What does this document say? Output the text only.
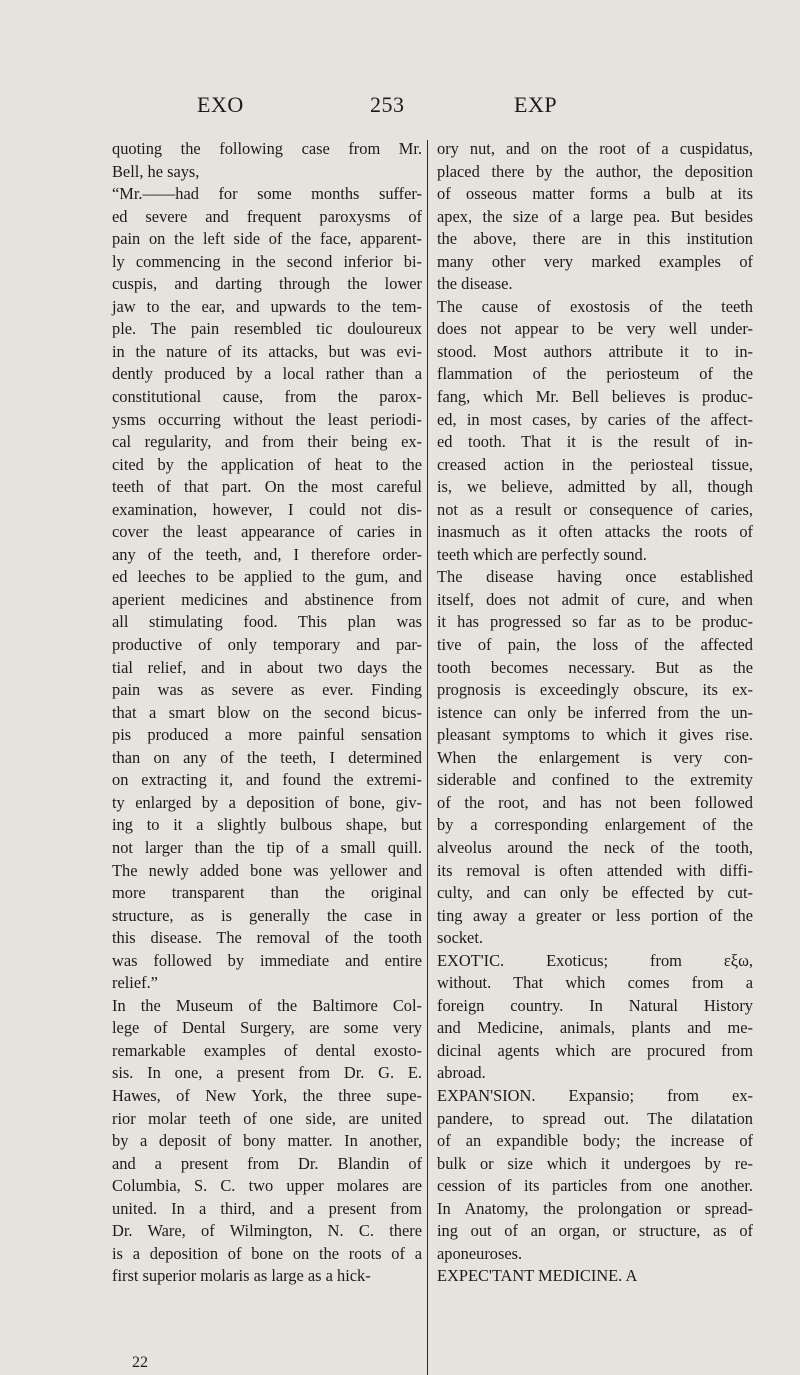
EXO	253	EXP
quoting the following case from Mr.
Bell, he says,
“Mr.——had for some months suffer-
ed severe and frequent paroxysms of
pain on the left side of the face, apparent-
ly commencing in the second inferior bi-
cuspis, and darting through the lower
jaw to the ear, and upwards to the tem-
ple. The pain resembled tic douloureux
in the nature of its attacks, but was evi-
dently produced by a local rather than a
constitutional cause, from the parox-
ysms occurring without the least periodi-
cal regularity, and from their being ex-
cited by the application of heat to the
teeth of that part. On the most careful
examination, however, I could not dis-
cover the least appearance of caries in
any of the teeth, and, I therefore order-
ed leeches to be applied to the gum, and
aperient medicines and abstinence from
all stimulating food. This plan was
productive of only temporary and par-
tial relief, and in about two days the
pain was as severe as ever. Finding
that a smart blow on the second bicus-
pis produced a more painful sensation
than on any of the teeth, I determined
on extracting it, and found the extremi-
ty enlarged by a deposition of bone, giv-
ing to it a slightly bulbous shape, but
not larger than the tip of a small quill.
The newly added bone was yellower and
more transparent than the original
structure, as is generally the case in
this disease. The removal of the tooth
was followed by immediate and entire
relief.”
In the Museum of the Baltimore Col-
lege of Dental Surgery, are some very
remarkable examples of dental exosto-
sis. In one, a present from Dr. G. E.
Hawes, of New York, the three supe-
rior molar teeth of one side, are united
by a deposit of bony matter. In another,
and a present from Dr. Blandin of
Columbia, S. C. two upper molares are
united. In a third, and a present from
Dr. Ware, of Wilmington, N. C. there
is a deposition of bone on the roots of a
first superior molaris as large as a hick-
ory nut, and on the root of a cuspidatus,
placed there by the author, the deposition
of osseous matter forms a bulb at its
apex, the size of a large pea. But besides
the above, there are in this institution
many other very marked examples of
the disease.
The cause of exostosis of the teeth
does not appear to be very well under-
stood. Most authors attribute it to in-
flammation of the periosteum of the
fang, which Mr. Bell believes is produc-
ed, in most cases, by caries of the affect-
ed tooth. That it is the result of in-
creased action in the periosteal tissue,
is, we believe, admitted by all, though
not as a result or consequence of caries,
inasmuch as it often attacks the roots of
teeth which are perfectly sound.
The disease having once established
itself, does not admit of cure, and when
it has progressed so far as to be produc-
tive of pain, the loss of the affected
tooth becomes necessary. But as the
prognosis is exceedingly obscure, its ex-
istence can only be inferred from the un-
pleasant symptoms to which it gives rise.
When the enlargement is very con-
siderable and confined to the extremity
of the root, and has not been followed
by a corresponding enlargement of the
alveolus around the neck of the tooth,
its removal is often attended with diffi-
culty, and can only be effected by cut-
ting away a greater or less portion of the
socket.
EXOT'IC. Exoticus; from εξω,
without. That which comes from a
foreign country. In Natural History
and Medicine, animals, plants and me-
dicinal agents which are procured from
abroad.
EXPAN'SION. Expansio; from ex-
pandere, to spread out. The dilatation
of an expandible body; the increase of
bulk or size which it undergoes by re-
cession of its particles from one another.
In Anatomy, the prolongation or spread-
ing out of an organ, or structure, as of
aponeuroses.
EXPEC'TANT MEDICINE. A
22
